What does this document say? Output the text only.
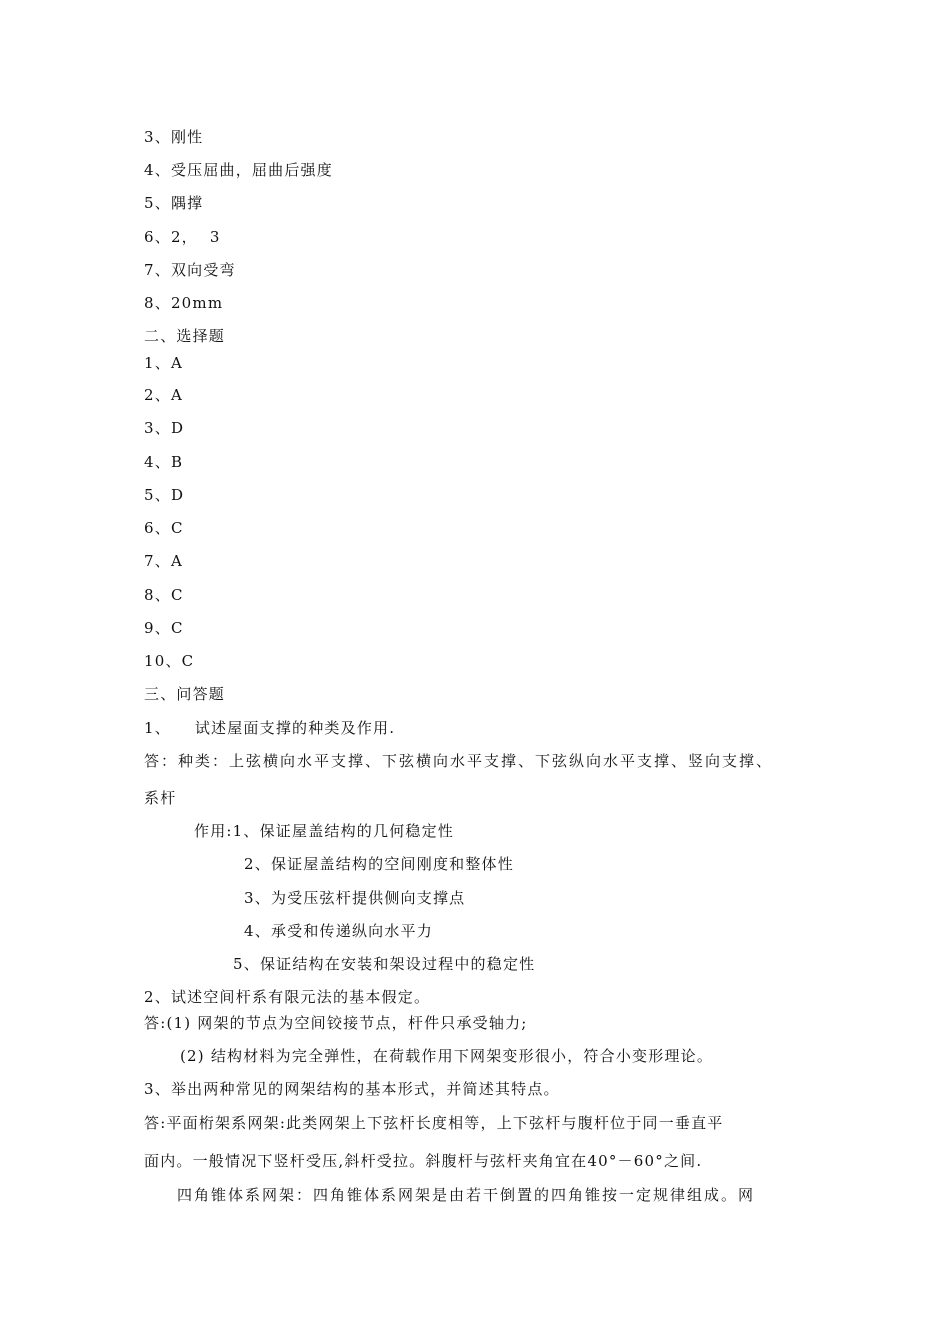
3、刚性
4、受压屈曲，屈曲后强度
5、隅撑
6、2，  3
7、双向受弯
8、20mm
二、选择题
1、A
2、A
3、D
4、B
5、D
6、C
7、A
8、C
9、C
10、C
三、问答题
1、    试述屋面支撑的种类及作用.
答：种类：上弦横向水平支撑、下弦横向水平支撑、下弦纵向水平支撑、竖向支撑、
系杆
作用:1、保证屋盖结构的几何稳定性
2、保证屋盖结构的空间刚度和整体性
3、为受压弦杆提供侧向支撑点
4、承受和传递纵向水平力
5、保证结构在安装和架设过程中的稳定性
2、试述空间杆系有限元法的基本假定。
答:(1) 网架的节点为空间铰接节点，杆件只承受轴力;
(2) 结构材料为完全弹性，在荷载作用下网架变形很小，符合小变形理论。
3、举出两种常见的网架结构的基本形式，并简述其特点。
答:平面桁架系网架:此类网架上下弦杆长度相等，上下弦杆与腹杆位于同一垂直平
面内。一般情况下竖杆受压,斜杆受拉。斜腹杆与弦杆夹角宜在40°－60°之间.
四角锥体系网架：四角锥体系网架是由若干倒置的四角锥按一定规律组成。网
